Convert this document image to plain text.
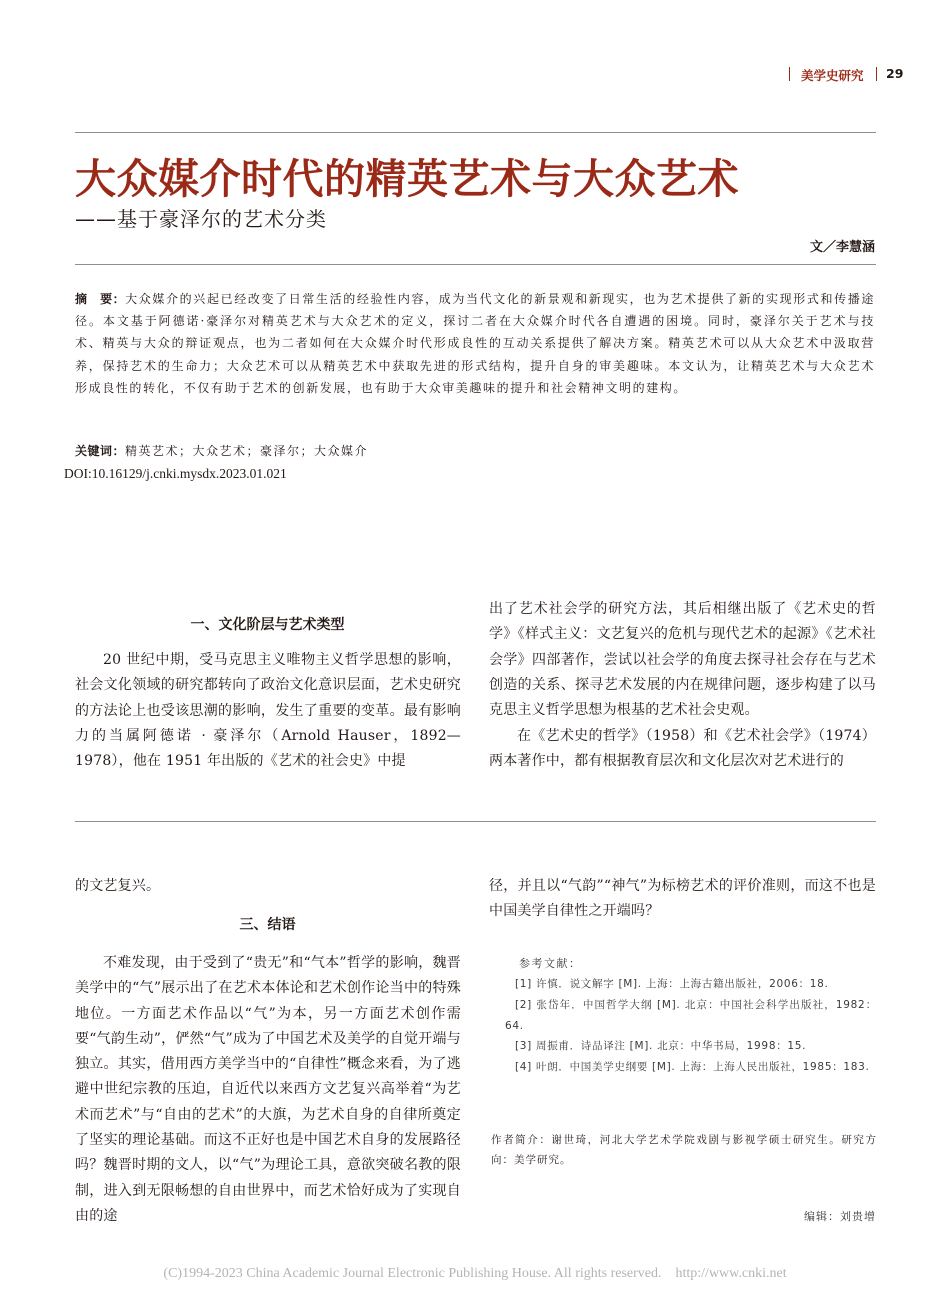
美学史研究 29
大众媒介时代的精英艺术与大众艺术
——基于豪泽尔的艺术分类
文／李慧涵

摘　要：大众媒介的兴起已经改变了日常生活的经验性内容，成为当代文化的新景观和新现实，也为艺术提供了新的实现形式和传播途径。本文基于阿德诺·豪泽尔对精英艺术与大众艺术的定义，探讨二者在大众媒介时代各自遭遇的困境。同时，豪泽尔关于艺术与技术、精英与大众的辩证观点，也为二者如何在大众媒介时代形成良性的互动关系提供了解决方案。精英艺术可以从大众艺术中汲取营养，保持艺术的生命力；大众艺术可以从精英艺术中获取先进的形式结构，提升自身的审美趣味。本文认为，让精英艺术与大众艺术形成良性的转化，不仅有助于艺术的创新发展，也有助于大众审美趣味的提升和社会精神文明的建构。

关键词：精英艺术；大众艺术；豪泽尔；大众媒介
DOI:10.16129/j.cnki.mysdx.2023.01.021
一、文化阶层与艺术类型

20 世纪中期，受马克思主义唯物主义哲学思想的影响，社会文化领域的研究都转向了政治文化意识层面，艺术史研究的方法论上也受该思潮的影响，发生了重要的变革。最有影响力的当属阿德诺 · 豪泽尔（Arnold Hauser，1892—1978），他在 1951 年出版的《艺术的社会史》中提

出了艺术社会学的研究方法，其后相继出版了《艺术史的哲学》《样式主义：文艺复兴的危机与现代艺术的起源》《艺术社会学》四部著作，尝试以社会学的角度去探寻社会存在与艺术创造的关系、探寻艺术发展的内在规律问题，逐步构建了以马克思主义哲学思想为根基的艺术社会史观。

在《艺术史的哲学》（1958）和《艺术社会学》（1974）两本著作中，都有根据教育层次和文化层次对艺术进行的

的文艺复兴。

三、结语

不难发现，由于受到了“贵无”和“气本”哲学的影响，魏晋美学中的“气”展示出了在艺术本体论和艺术创作论当中的特殊地位。一方面艺术作品以“气”为本，另一方面艺术创作需要“气韵生动”，俨然“气”成为了中国艺术及美学的自觉开端与独立。其实，借用西方美学当中的“自律性”概念来看，为了逃避中世纪宗教的压迫，自近代以来西方文艺复兴高举着“为艺术而艺术”与“自由的艺术”的大旗，为艺术自身的自律所奠定了坚实的理论基础。而这不正好也是中国艺术自身的发展路径吗？魏晋时期的文人，以“气”为理论工具，意欲突破名教的限制，进入到无限畅想的自由世界中，而艺术恰好成为了实现自由的途

径，并且以“气韵”“神气”为标榜艺术的评价准则，而这不也是中国美学自律性之开端吗？

参考文献：
[1] 许慎．说文解字 [M]. 上海：上海古籍出版社，2006：18.
[2] 张岱年．中国哲学大纲 [M]. 北京：中国社会科学出版社，1982：64.
[3] 周振甫．诗品译注 [M]. 北京：中华书局，1998：15.
[4] 叶朗．中国美学史纲要 [M]. 上海：上海人民出版社，1985：183.

作者简介：谢世琦，河北大学艺术学院戏剧与影视学硕士研究生。研究方向：美学研究。

编辑：刘贵增
(C)1994-2023 China Academic Journal Electronic Publishing House. All rights reserved. http://www.cnki.net
